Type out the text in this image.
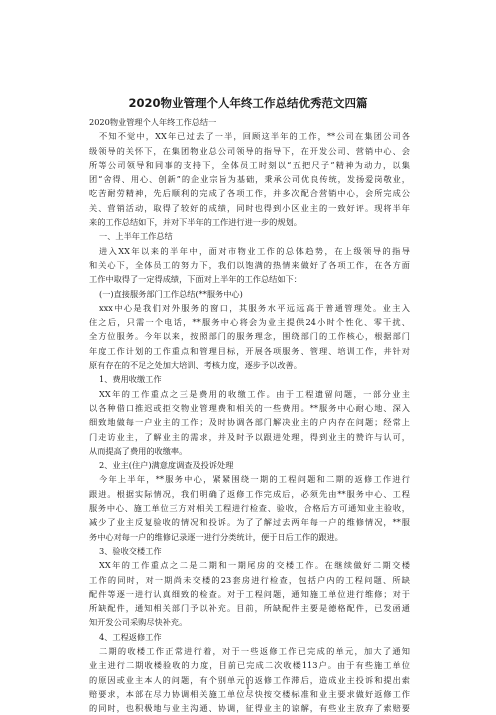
2020物业管理个人年终工作总结优秀范文四篇
2020物业管理个人年终工作总结一
不知不觉中，XX年已过去了一半，回顾这半年的工作，**公司在集团公司各
级领导的关怀下，在集团物业总公司领导的指导下，在开发公司、营销中心、会
所等公司领导和同事的支持下，全体员工时刻以“五把尺子”精神为动力，以集
团“舍得、用心、创新”的企业宗旨为基础，秉承公司优良传统，发扬爱岗敬业，
吃苦耐劳精神，先后顺利的完成了各项工作，并多次配合营销中心，会所完成公
关、营销活动，取得了较好的成绩，同时也得到小区业主的一致好评。现将半年
来的工作总结如下，并对下半年的工作进行进一步的规划。
一、上半年工作总结
进入XX年以来的半年中，面对市物业工作的总体趋势，在上级领导的指导
和关心下，全体员工的努力下，我们以饱满的热情来做好了各项工作，在各方面
工作中取得了一定得成绩，下面对上半年的工作总结如下：
(一)直接服务部门工作总结(**服务中心)
xxx中心是我们对外服务的窗口，其服务水平远远高于普通管理处。业主入
住之后，只需一个电话，**服务中心将会为业主提供24小时个性化、零干扰、
全方位服务。今年以来，按照部门的服务理念，围绕部门的工作核心，根据部门
年度工作计划的工作重点和管理目标，开展各项服务、管理、培训工作，井针对
原有存在的不足之处加大培训、考核力度，逐步予以改善。
1、费用收缴工作
XX年的工作重点之三是费用的收缴工作。由于工程遗留问题，一部分业主
以各种借口推迟或拒交物业管理费和相关的一些费用。**服务中心耐心地、深入
细致地做每一户业主的工作；及时协调各部门解决业主的户内存在问题；经常上
门走访业主，了解业主的需求，并及时予以跟进处理，得到业主的赞许与认可，
从而提高了费用的收缴率。
2、业主(住户)满意度调查及投诉处理
今年上半年，**服务中心，紧紧围绕一期的工程问题和二期的返修工作进行
跟进。根据实际情况，我们明确了返修工作完成后，必须先由**服务中心、工程
服务中心、施工单位三方对相关工程进行检查、验收，合格后方可通知业主验收，
减少了业主反复验收的情况和投诉。为了了解过去两年每一户的维修情况，**服
务中心对每一户的维修记录逐一进行分类统计，便于日后工作的跟进。
3、验收交楼工作
XX年的工作重点之二是二期和一期尾房的交楼工作。在继续做好二期交楼
工作的同时，对一期尚未交楼的23套房进行检查，包括户内的工程问题、所缺
配件等逐一进行认真细致的检查。对于工程问题，通知施工单位进行维修；对于
所缺配件，通知相关部门予以补充。目前，所缺配件主要是德格配件，已发函通
知开发公司采购尽快补充。
4、工程返修工作
二期的收楼工作正常进行着，对于一些返修工作已完成的单元，加大了通知
业主进行二期收楼验收的力度，目前已完成二次收楼113户。由于有些施工单位
的原因或业主本人的问题，有个别单元的返修工作滞后，造成业主投诉和提出索
赔要求，本部在尽力协调相关施工单位尽快按交楼标准和业主要求做好返修工作
的同时，也积极地与业主沟通、协调，征得业主的谅解，有些业主放弃了索赔要
1
